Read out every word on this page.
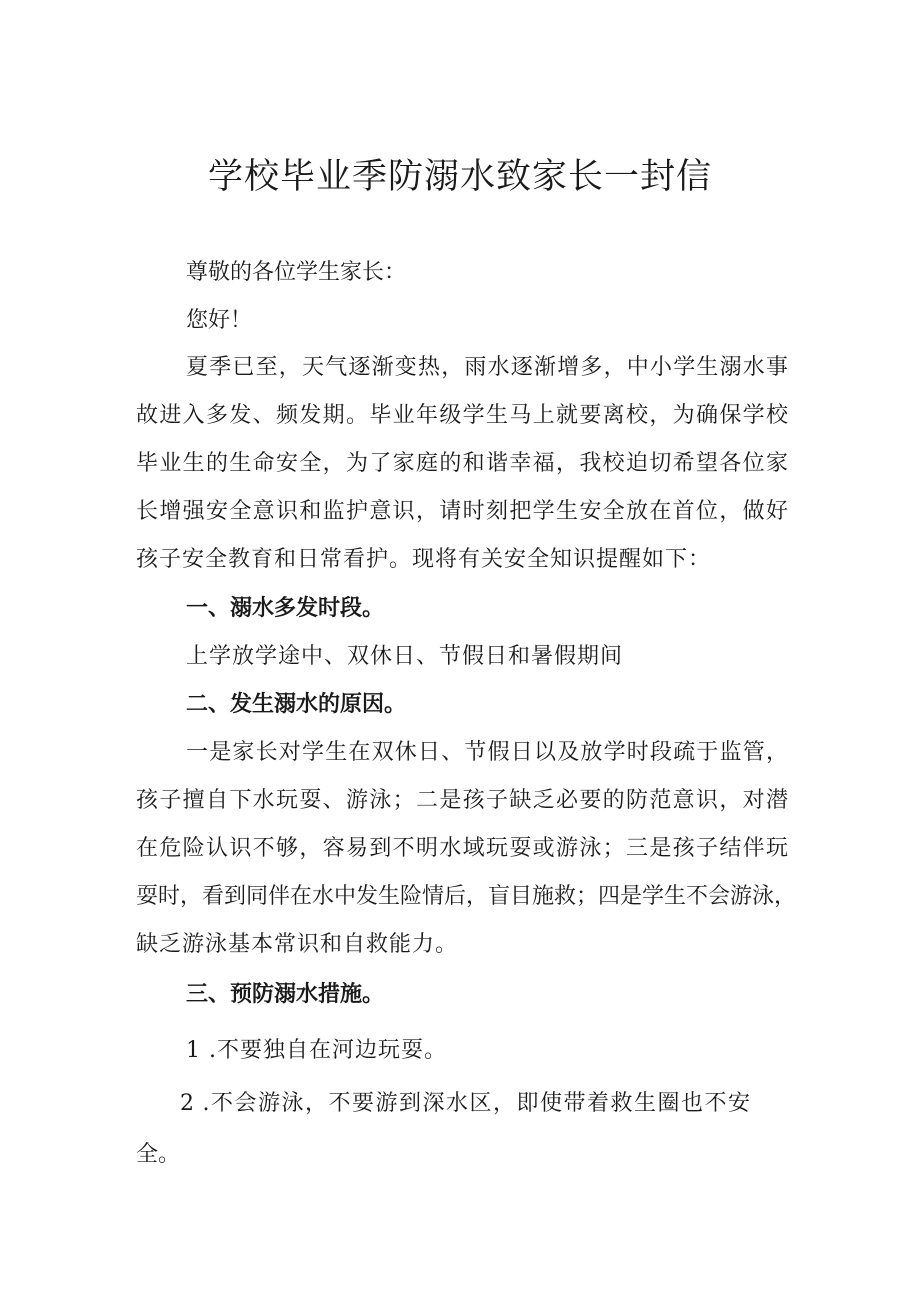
学校毕业季防溺水致家长一封信
尊敬的各位学生家长：
您好！
夏季已至，天气逐渐变热，雨水逐渐增多，中小学生溺水事
故进入多发、频发期。毕业年级学生马上就要离校，为确保学校
毕业生的生命安全，为了家庭的和谐幸福，我校迫切希望各位家
长增强安全意识和监护意识，请时刻把学生安全放在首位，做好
孩子安全教育和日常看护。现将有关安全知识提醒如下：
一、溺水多发时段。
上学放学途中、双休日、节假日和暑假期间
二、发生溺水的原因。
一是家长对学生在双休日、节假日以及放学时段疏于监管，
孩子擅自下水玩耍、游泳；二是孩子缺乏必要的防范意识，对潜
在危险认识不够，容易到不明水域玩耍或游泳；三是孩子结伴玩
耍时，看到同伴在水中发生险情后，盲目施救；四是学生不会游泳，
缺乏游泳基本常识和自救能力。
三、预防溺水措施。
1 .不要独自在河边玩耍。
2 .不会游泳，不要游到深水区，即使带着救生圈也不安
全。
